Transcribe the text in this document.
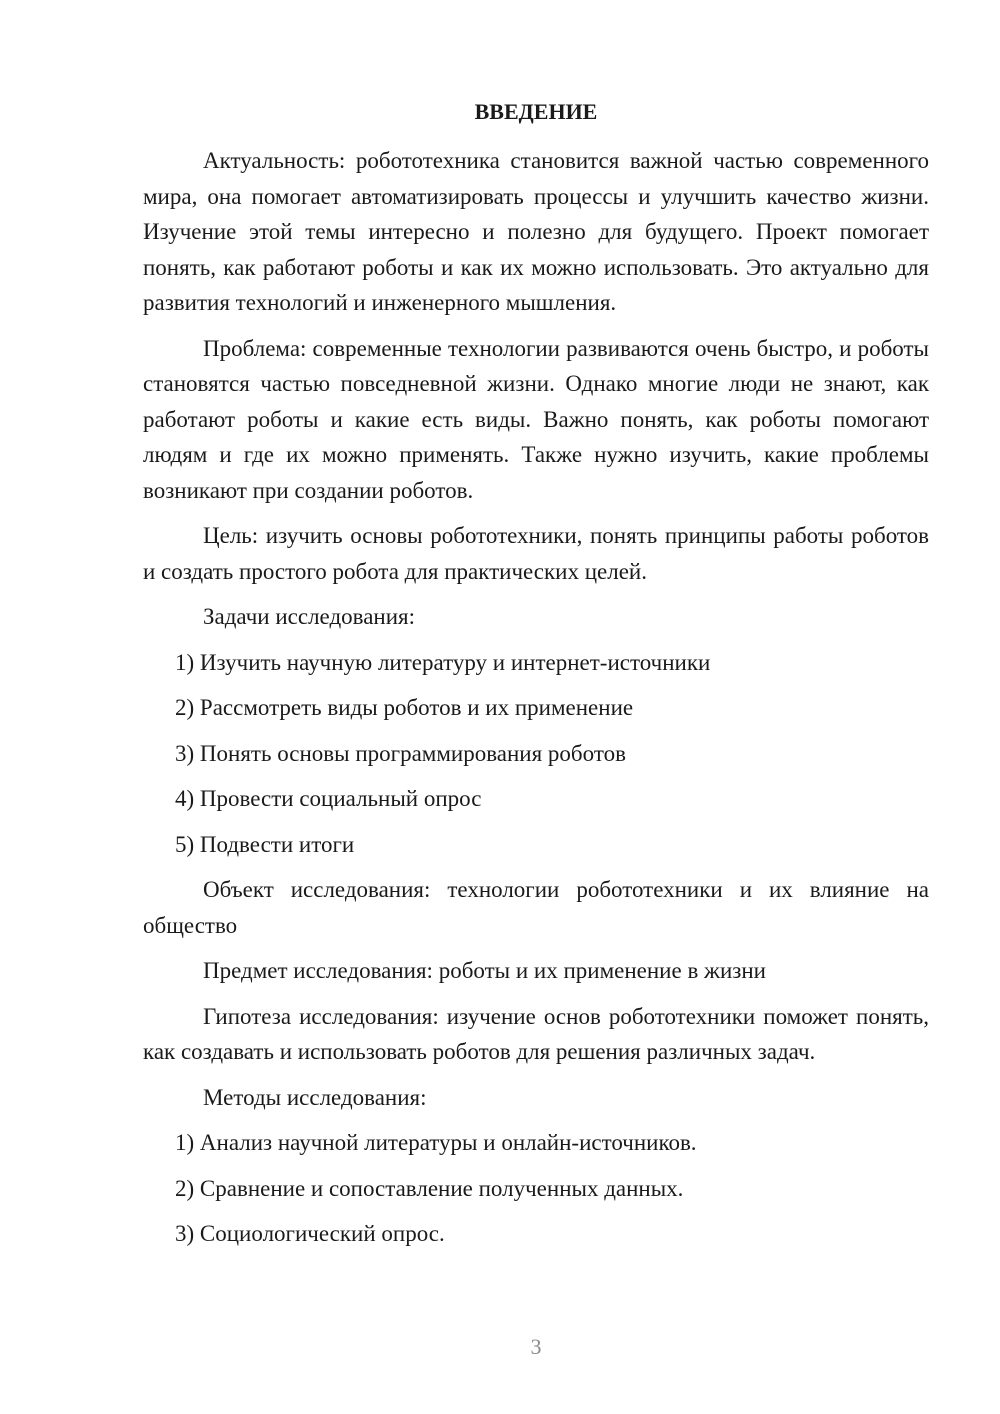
ВВЕДЕНИЕ

Актуальность: робототехника становится важной частью современного мира, она помогает автоматизировать процессы и улучшить качество жизни. Изучение этой темы интересно и полезно для будущего. Проект помогает понять, как работают роботы и как их можно использовать. Это актуально для развития технологий и инженерного мышления.

Проблема: современные технологии развиваются очень быстро, и роботы становятся частью повседневной жизни. Однако многие люди не знают, как работают роботы и какие есть виды. Важно понять, как роботы помогают людям и где их можно применять. Также нужно изучить, какие проблемы возникают при создании роботов.

Цель: изучить основы робототехники, понять принципы работы роботов и создать простого робота для практических целей.

Задачи исследования:

1) Изучить научную литературу и интернет-источники

2) Рассмотреть виды роботов и их применение

3) Понять основы программирования роботов

4) Провести социальный опрос

5) Подвести итоги

Объект исследования: технологии робототехники и их влияние на общество

Предмет исследования: роботы и их применение в жизни

Гипотеза исследования: изучение основ робототехники поможет понять, как создавать и использовать роботов для решения различных задач.

Методы исследования:

1) Анализ научной литературы и онлайн-источников.

2) Сравнение и сопоставление полученных данных.

3) Социологический опрос.

3
